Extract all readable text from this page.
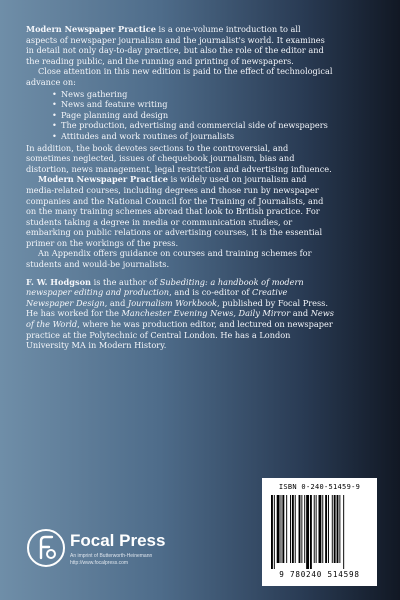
Modern Newspaper Practice is a one-volume introduction to all aspects of newspaper journalism and the journalist's world. It examines in detail not only day-to-day practice, but also the role of the editor and the reading public, and the running and printing of newspapers.

Close attention in this new edition is paid to the effect of technological advance on:

• News gathering
• News and feature writing
• Page planning and design
• The production, advertising and commercial side of newspapers
• Attitudes and work routines of journalists

In addition, the book devotes sections to the controversial, and sometimes neglected, issues of chequebook journalism, bias and distortion, news management, legal restriction and advertising influence.

Modern Newspaper Practice is widely used on journalism and media-related courses, including degrees and those run by newspaper companies and the National Council for the Training of Journalists, and on the many training schemes abroad that look to British practice. For students taking a degree in media or communication studies, or embarking on public relations or advertising courses, it is the essential primer on the workings of the press.

An Appendix offers guidance on courses and training schemes for students and would-be journalists.

F. W. Hodgson is the author of Subediting: a handbook of modern newspaper editing and production, and is co-editor of Creative Newspaper Design, and Journalism Workbook, published by Focal Press. He has worked for the Manchester Evening News, Daily Mirror and News of the World, where he was production editor, and lectured on newspaper practice at the Polytechnic of Central London. He has a London University MA in Modern History.

Focal Press
An imprint of Butterworth-Heinemann
http://www.focalpress.com
ISBN 0-240-51459-9
9 780240 514598
